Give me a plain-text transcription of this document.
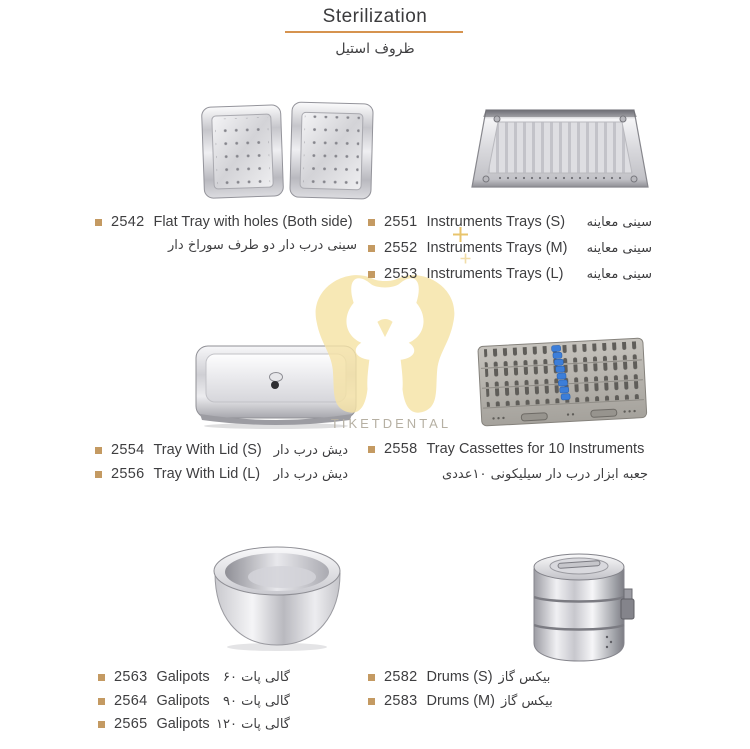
Sterilization
ظروف استیل
2542 Flat Tray with holes (Both side)
سینی درب دار دو طرف سوراخ دار
2551 Instruments Trays (S)	سینی معاینه
2552 Instruments Trays (M)	سینی معاینه
2553 Instruments Trays (L)	سینی معاینه
TIKETDENTAL
2554 Tray With Lid (S) دیش درب دار
2556 Tray With Lid (L)	دیش درب دار
2558 Tray Cassettes for 10 Instruments
جعبه ابزار درب دار سیلیکونی ۱۰عددی
2563 Galipots	گالی پات ۶۰
2564 Galipots	گالی پات ۹۰
2565 Galipots گالی پات ۱۲۰
2582 Drums (S) بیکس گاز
2583 Drums (M) بیکس گاز
